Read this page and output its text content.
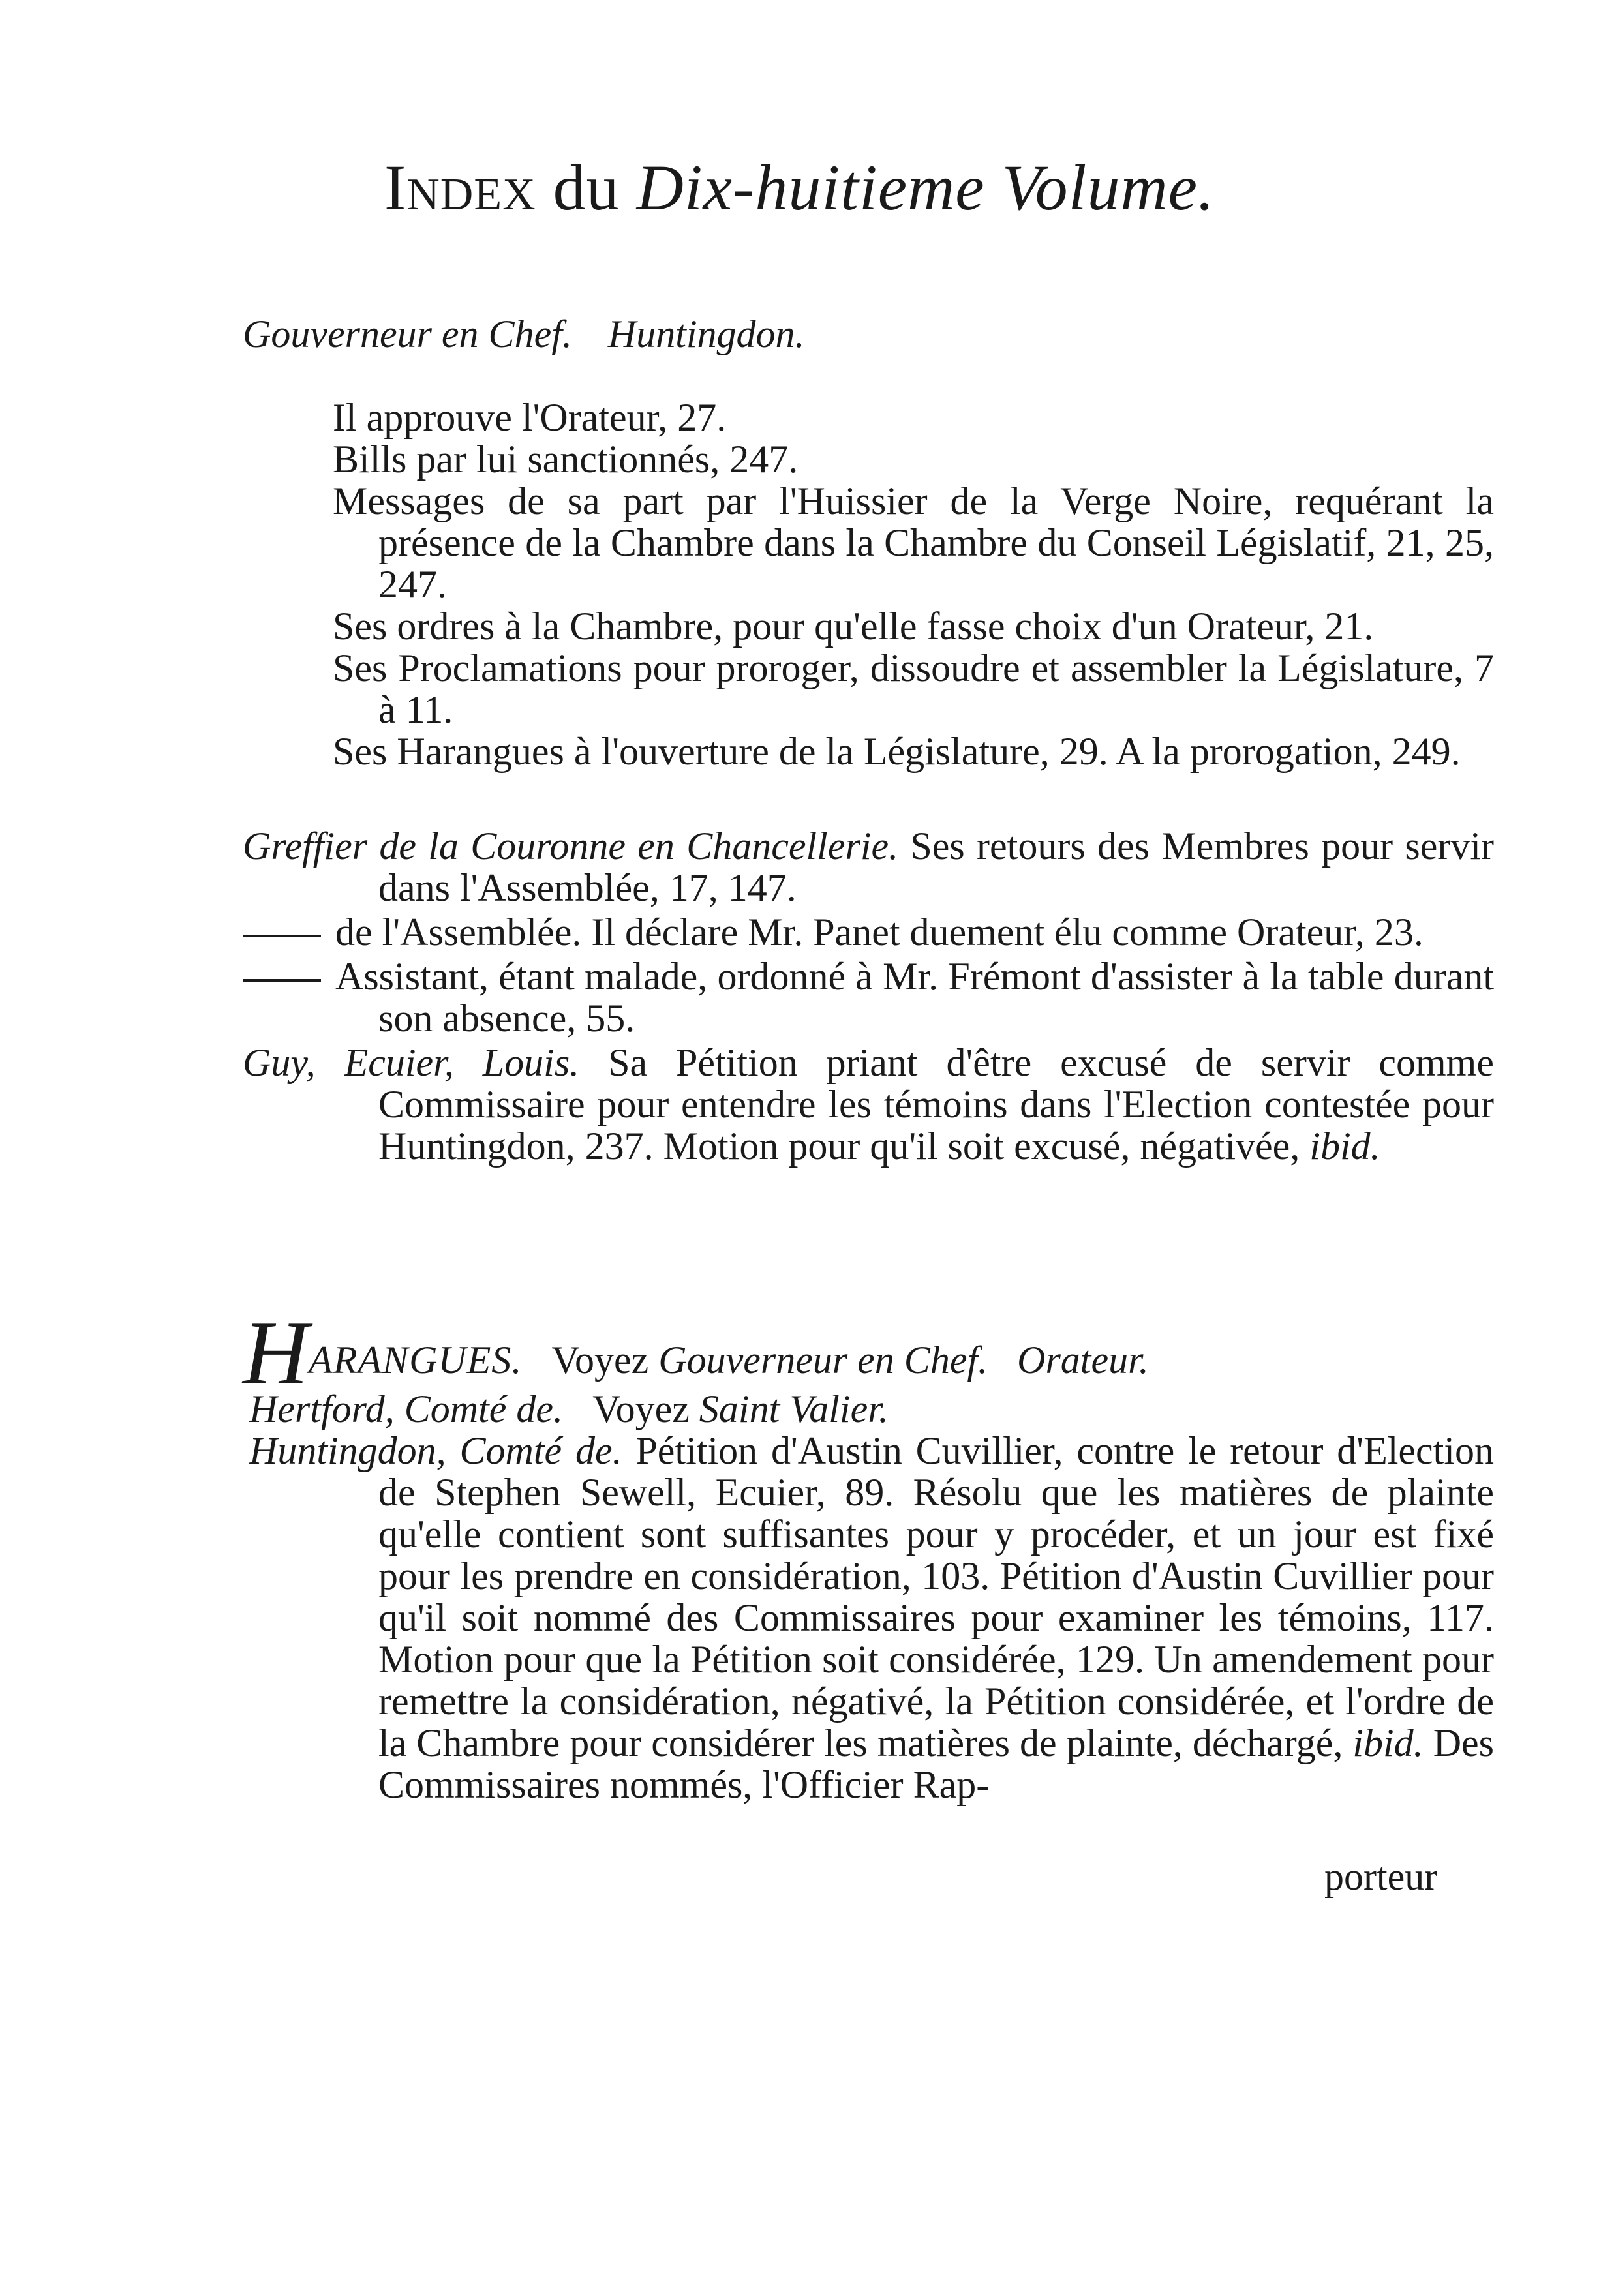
Index du Dix-huitieme Volume.
Gouverneur en Chef. Huntingdon.

Il approuve l'Orateur, 27.

Bills par lui sanctionnés, 247.

Messages de sa part par l'Huissier de la Verge Noire, requérant la présence de la Chambre dans la Chambre du Conseil Législatif, 21, 25, 247.

Ses ordres à la Chambre, pour qu'elle fasse choix d'un Orateur, 21.

Ses Proclamations pour proroger, dissoudre et assembler la Législature, 7 à 11.

Ses Harangues à l'ouverture de la Législature, 29. A la prorogation, 249.

Greffier de la Couronne en Chancellerie. Ses retours des Membres pour servir dans l'Assemblée, 17, 147.

de l'Assemblée. Il déclare Mr. Panet duement élu comme Orateur, 23.

Assistant, étant malade, ordonné à Mr. Frémont d'assister à la table durant son absence, 55.

Guy, Ecuier, Louis. Sa Pétition priant d'être excusé de servir comme Commissaire pour entendre les témoins dans l'Election contestée pour Huntingdon, 237. Motion pour qu'il soit excusé, négativée, ibid.

HARANGUES. Voyez Gouverneur en Chef. Orateur.
Hertford, Comté de. Voyez Saint Valier.

Huntingdon, Comté de. Pétition d'Austin Cuvillier, contre le retour d'Election de Stephen Sewell, Ecuier, 89. Résolu que les matières de plainte qu'elle contient sont suffisantes pour y procéder, et un jour est fixé pour les prendre en considération, 103. Pétition d'Austin Cuvillier pour qu'il soit nommé des Commissaires pour examiner les témoins, 117. Motion pour que la Pétition soit considérée, 129. Un amendement pour remettre la considération, négativé, la Pétition considérée, et l'ordre de la Chambre pour considérer les matières de plainte, déchargé, ibid. Des Commissaires nommés, l'Officier Rap-

porteur
